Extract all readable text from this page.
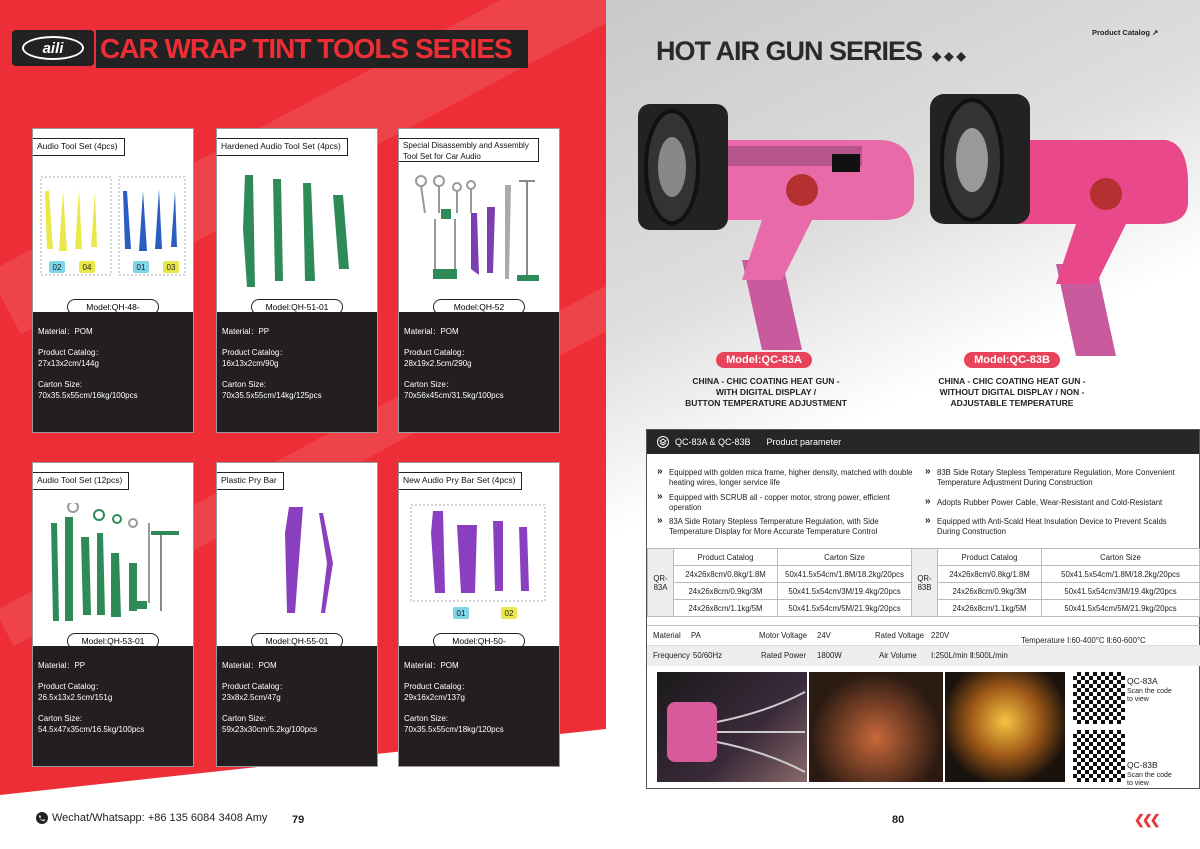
aili	CAR WRAP TINT TOOLS SERIES
Audio Tool Set (4pcs)
02	04	01	03
Model:QH-48-
Material：POM
Product Catalog：
27x13x2cm/144g
Carton Size:
70x35.5x55cm/16kg/100pcs
Hardened Audio Tool Set (4pcs)
Model:QH-51-01
Material：PP
Product Catalog：
16x13x2cm/90g
Carton Size:
70x35.5x55cm/14kg/125pcs
Special Disassembly and Assembly Tool Set for Car Audio
Model:QH-52
Material：POM
Product Catalog：
28x19x2.5cm/290g
Carton Size：
70x56x45cm/31.5kg/100pcs
Audio Tool Set (12pcs)
Model:QH-53-01
Material：PP
Product Catalog：
26.5x13x2.5cm/151g
Carton Size:
54.5x47x35cm/16.5kg/100pcs
Plastic Pry Bar
Model:QH-55-01
Material：POM
Product Catalog：
23x8x2.5cm/47g
Carton Size:
59x23x30cm/5.2kg/100pcs
New Audio Pry Bar Set (4pcs)
01	02
Model:QH-50-
Material：POM
Product Catalog：
29x16x2cm/137g
Carton Size:
70x35.5x55cm/18kg/120pcs
Wechat/Whatsapp: +86 135 6084 3408 Amy 79
HOT AIR GUN SERIES ◆◆◆
Product Catalog ↗
Model:QC-83A
CHINA - CHIC COATING HEAT GUN -
WITH DIGITAL DISPLAY /
BUTTON TEMPERATURE ADJUSTMENT
Model:QC-83B
CHINA - CHIC COATING HEAT GUN -
WITHOUT DIGITAL DISPLAY / NON -
ADJUSTABLE TEMPERATURE
QC-83A & QC-83B Product parameter
» Equipped with golden mica frame, higher density, matched with double heating wires, longer service life
» Equipped with SCRUB all - copper motor, strong power, efficient operation
» 83A Side Rotary Stepless Temperature Regulation, with Side Temperature Display for More Accurate Temperature Control
» 83B Side Rotary Stepless Temperature Regulation, More Convenient Temperature Adjustment During Construction
» Adopts Rubber Power Cable, Wear-Resistant and Cold-Resistant
» Equipped with Anti-Scald Heat Insulation Device to Prevent Scalds During Construction
QR-83A	Product Catalog	Carton Size	QR-83B	Product Catalog	Carton Size
	24x26x8cm/0.8kg/1.8M	50x41.5x54cm/1.8M/18.2kg/20pcs		24x26x8cm/0.8kg/1.8M	50x41.5x54cm/1.8M/18.2kg/20pcs
	24x26x8cm/0.9kg/3M	50x41.5x54cm/3M/19.4kg/20pcs		24x26x8cm/0.9kg/3M	50x41.5x54cm/3M/19.4kg/20pcs
	24x26x8cm/1.1kg/5M	50x41.5x54cm/5M/21.9kg/20pcs		24x26x8cm/1.1kg/5M	50x41.5x54cm/5M/21.9kg/20pcs
Material PA	Motor Voltage 24V	Rated Voltage 220V
Temperature Ⅰ:60-400°C Ⅱ:60-600°C
Frequency 50/60Hz	Rated Power 1800W	Air Volume Ⅰ:250L/min Ⅱ:500L/min
QC-83A
Scan the code to view
QC-83B
Scan the code to view
80	❮❮❮
